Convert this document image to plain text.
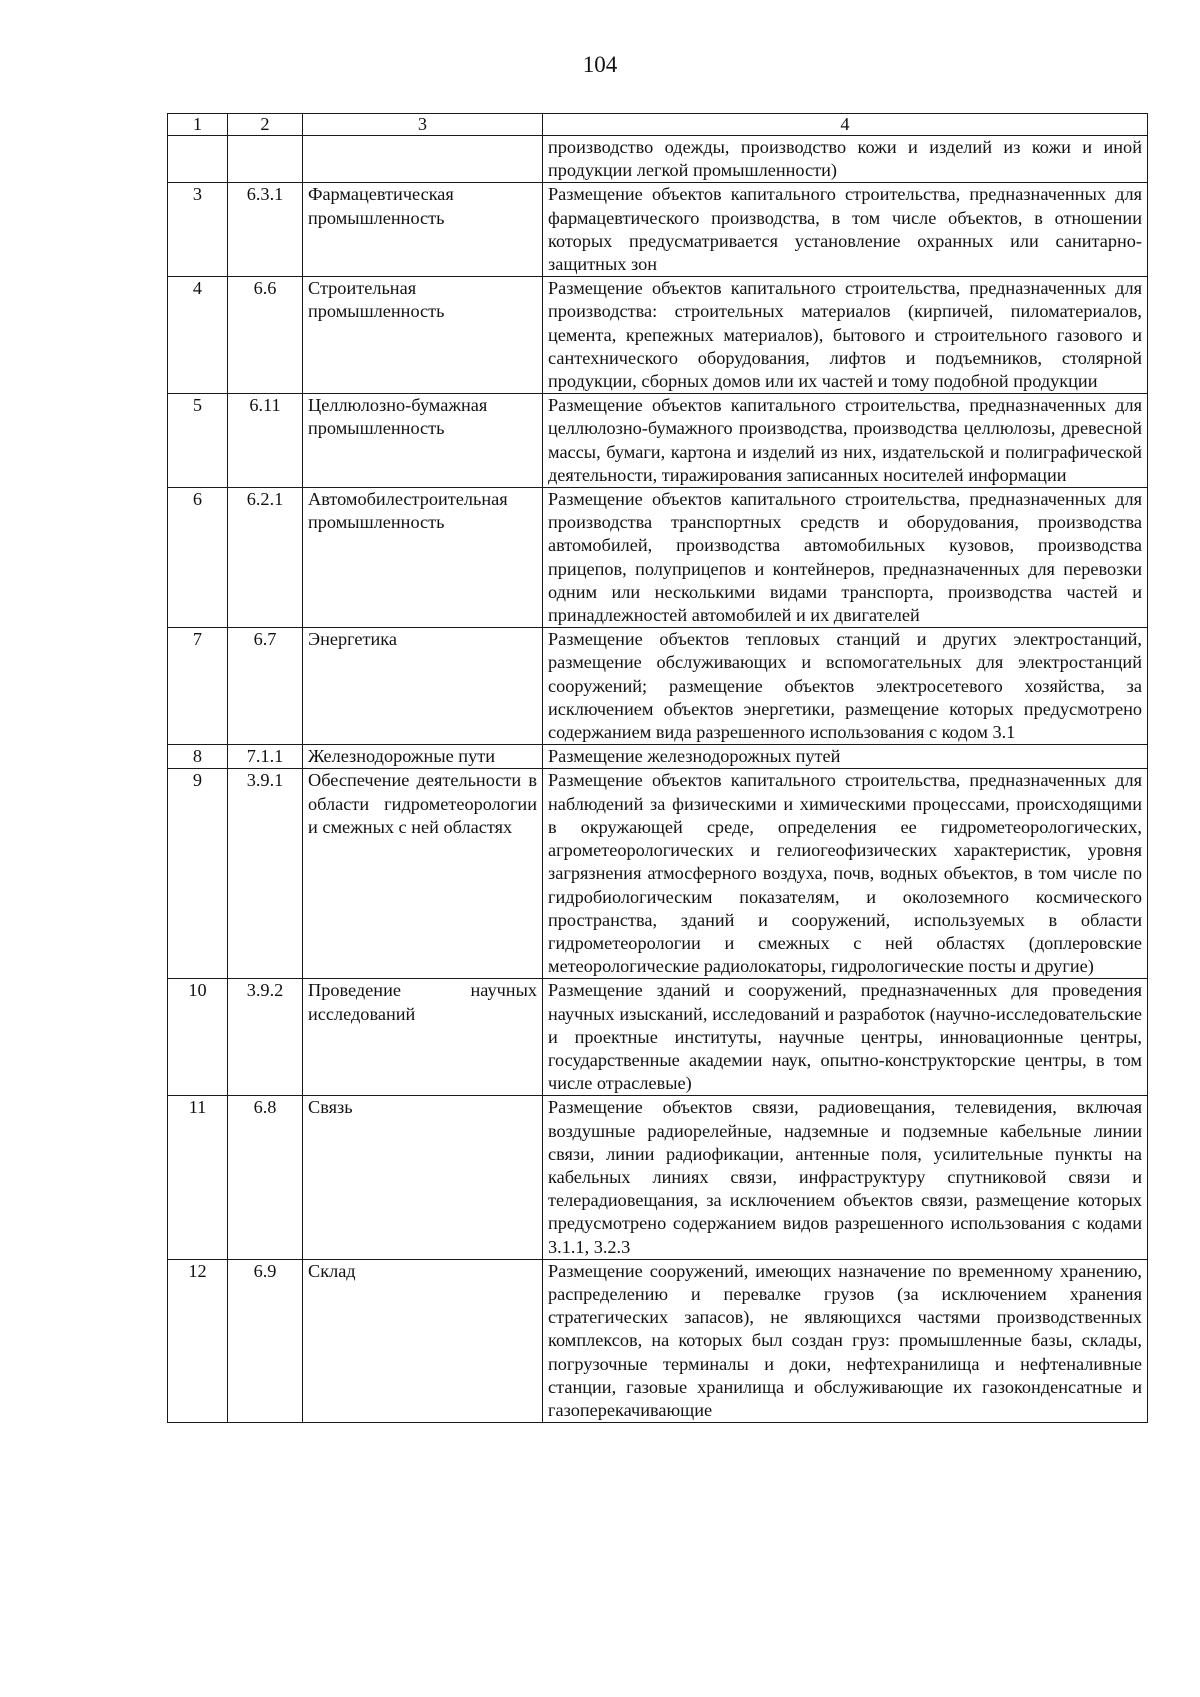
104
1	2	3	4
			производство одежды, производство кожи и изделий из кожи и иной продукции легкой промышленности)
3	6.3.1	Фармацевтическая промышленность	Размещение объектов капитального строительства, предназначенных для фармацевтического производства, в том числе объектов, в отношении которых предусматривается установление охранных или санитарно-защитных зон
4	6.6	Строительная промышленность	Размещение объектов капитального строительства, предназначенных для производства: строительных материалов (кирпичей, пиломатериалов, цемента, крепежных материалов), бытового и строительного газового и сантехнического оборудования, лифтов и подъемников, столярной продукции, сборных домов или их частей и тому подобной продукции
5	6.11	Целлюлозно-бумажная промышленность	Размещение объектов капитального строительства, предназначенных для целлюлозно-бумажного производства, производства целлюлозы, древесной массы, бумаги, картона и изделий из них, издательской и полиграфической деятельности, тиражирования записанных носителей информации
6	6.2.1	Автомобилестроительная промышленность	Размещение объектов капитального строительства, предназначенных для производства транспортных средств и оборудования, производства автомобилей, производства автомобильных кузовов, производства прицепов, полуприцепов и контейнеров, предназначенных для перевозки одним или несколькими видами транспорта, производства частей и принадлежностей автомобилей и их двигателей
7	6.7	Энергетика	Размещение объектов тепловых станций и других электростанций, размещение обслуживающих и вспомогательных для электростанций сооружений; размещение объектов электросетевого хозяйства, за исключением объектов энергетики, размещение которых предусмотрено содержанием вида разрешенного использования с кодом 3.1
8	7.1.1	Железнодорожные пути	Размещение железнодорожных путей
9	3.9.1	Обеспечение деятельности в области гидрометеорологии и смежных с ней областях	Размещение объектов капитального строительства, предназначенных для наблюдений за физическими и химическими процессами, происходящими в окружающей среде, определения ее гидрометеорологических, агрометеорологических и гелиогеофизических характеристик, уровня загрязнения атмосферного воздуха, почв, водных объектов, в том числе по гидробиологическим показателям, и околоземного космического пространства, зданий и сооружений, используемых в области гидрометеорологии и смежных с ней областях (доплеровские метеорологические радиолокаторы, гидрологические посты и другие)
10	3.9.2	Проведение научных исследований	Размещение зданий и сооружений, предназначенных для проведения научных изысканий, исследований и разработок (научно-исследовательские и проектные институты, научные центры, инновационные центры, государственные академии наук, опытно-конструкторские центры, в том числе отраслевые)
11	6.8	Связь	Размещение объектов связи, радиовещания, телевидения, включая воздушные радиорелейные, надземные и подземные кабельные линии связи, линии радиофикации, антенные поля, усилительные пункты на кабельных линиях связи, инфраструктуру спутниковой связи и телерадиовещания, за исключением объектов связи, размещение которых предусмотрено содержанием видов разрешенного использования с кодами 3.1.1, 3.2.3
12	6.9	Склад	Размещение сооружений, имеющих назначение по временному хранению, распределению и перевалке грузов (за исключением хранения стратегических запасов), не являющихся частями производственных комплексов, на которых был создан груз: промышленные базы, склады, погрузочные терминалы и доки, нефтехранилища и нефтеналивные станции, газовые хранилища и обслуживающие их газоконденсатные и газоперекачивающие
